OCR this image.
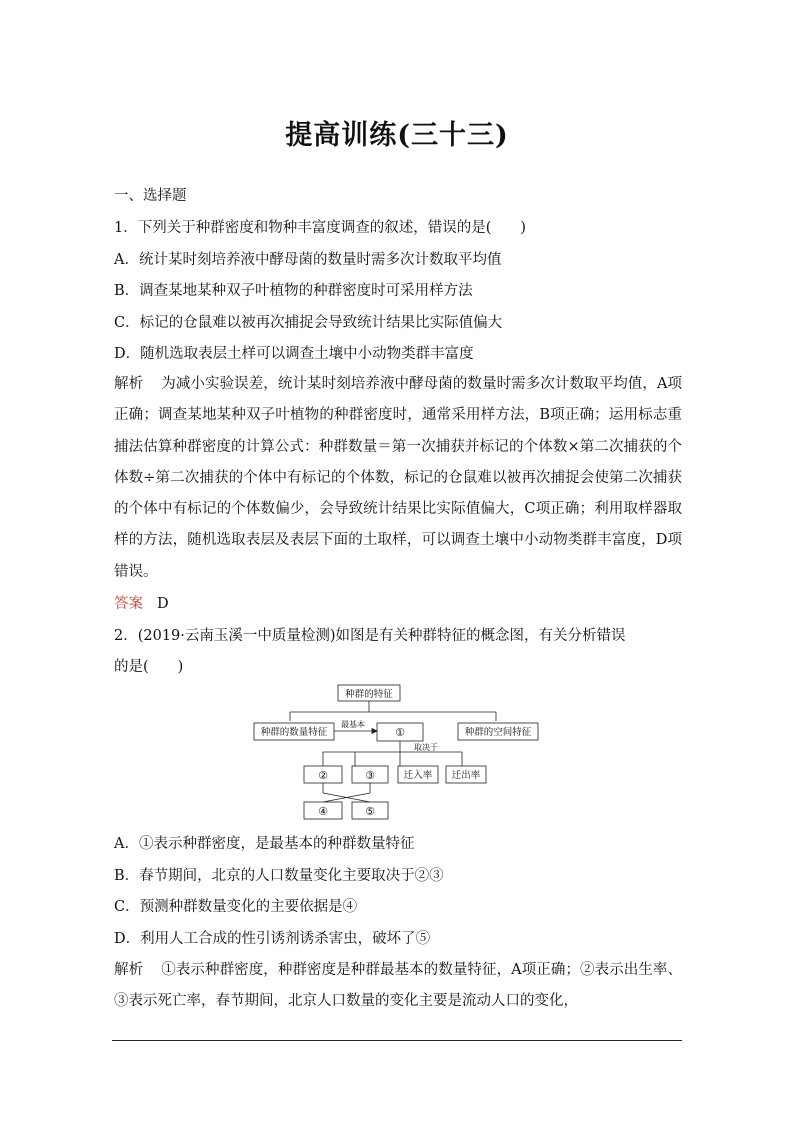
提高训练(三十三)
一、选择题
1．下列关于种群密度和物种丰富度调查的叙述，错误的是(　　)
A．统计某时刻培养液中酵母菌的数量时需多次计数取平均值
B．调查某地某种双子叶植物的种群密度时可采用样方法
C．标记的仓鼠难以被再次捕捉会导致统计结果比实际值偏大
D．随机选取表层土样可以调查土壤中小动物类群丰富度
解析 为减小实验误差，统计某时刻培养液中酵母菌的数量时需多次计数取平均值，A项正确；调查某地某种双子叶植物的种群密度时，通常采用样方法，B项正确；运用标志重捕法估算种群密度的计算公式：种群数量＝第一次捕获并标记的个体数×第二次捕获的个体数÷第二次捕获的个体中有标记的个体数，标记的仓鼠难以被再次捕捉会使第二次捕获的个体中有标记的个体数偏少，会导致统计结果比实际值偏大，C项正确；利用取样器取样的方法，随机选取表层及表层下面的土取样，可以调查土壤中小动物类群丰富度，D项错误。
答案 D
2．(2019·云南玉溪一中质量检测)如图是有关种群特征的概念图，有关分析错误
的是(　　)
种群的特征
种群的数量特征	种群的空间特征
最基本
①
取决于
②	③	迁入率 迁出率
④	⑤
A．①表示种群密度，是最基本的种群数量特征
B．春节期间，北京的人口数量变化主要取决于②③
C．预测种群数量变化的主要依据是④
D．利用人工合成的性引诱剂诱杀害虫，破坏了⑤
解析 ①表示种群密度，种群密度是种群最基本的数量特征，A项正确；②表示出生率、③表示死亡率，春节期间，北京人口数量的变化主要是流动人口的变化，
